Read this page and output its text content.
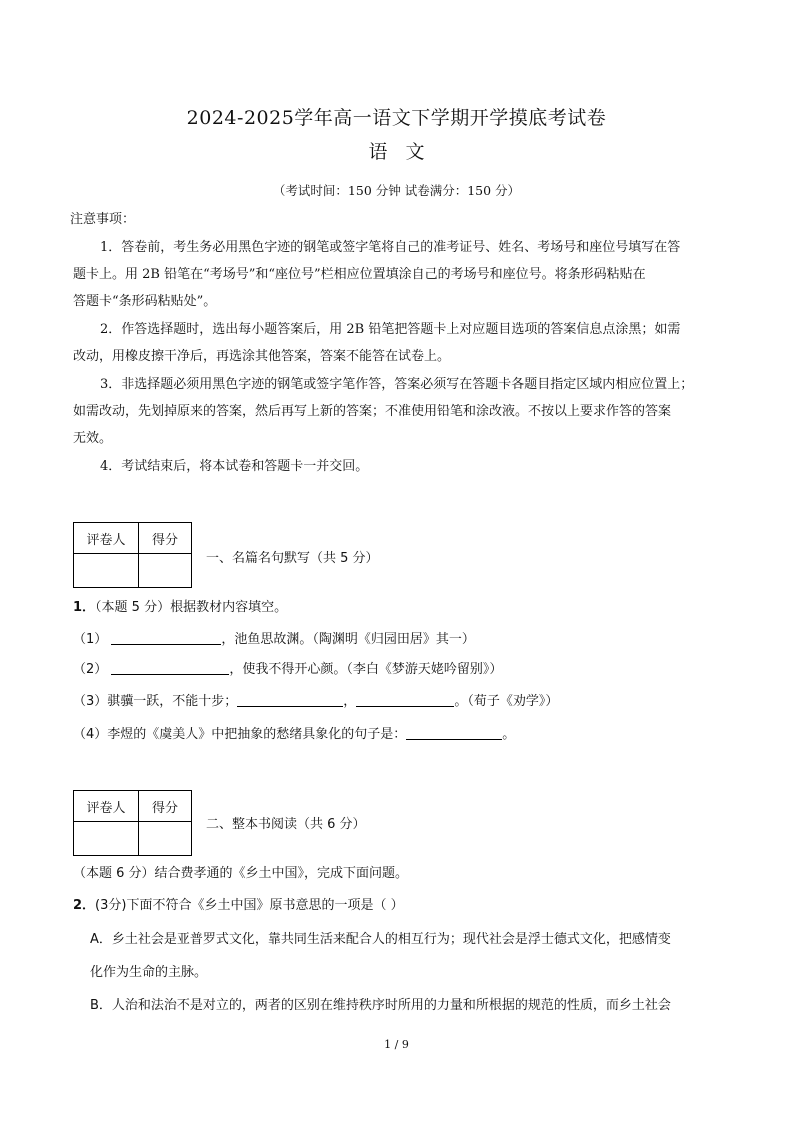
2024-2025学年高一语文下学期开学摸底考试卷
语文
（考试时间：150 分钟 试卷满分：150 分）
注意事项：
1．答卷前，考生务必用黑色字迹的钢笔或签字笔将自己的准考证号、姓名、考场号和座位号填写在答
题卡上。用 2B 铅笔在“考场号”和“座位号”栏相应位置填涂自己的考场号和座位号。将条形码粘贴在
答题卡“条形码粘贴处”。
2．作答选择题时，选出每小题答案后，用 2B 铅笔把答题卡上对应题目选项的答案信息点涂黑；如需
改动，用橡皮擦干净后，再选涂其他答案，答案不能答在试卷上。
3．非选择题必须用黑色字迹的钢笔或签字笔作答，答案必须写在答题卡各题目指定区域内相应位置上；
如需改动，先划掉原来的答案，然后再写上新的答案；不准使用铅笔和涂改液。不按以上要求作答的答案
无效。
4．考试结束后，将本试卷和答题卡一并交回。
评卷人	得分

一、名篇名句默写（共 5 分）
1．（本题 5 分）根据教材内容填空。
（1）	，池鱼思故渊。（陶渊明《归园田居》其一）
（2）	，使我不得开心颜。（李白《梦游天姥吟留别》）
（3）骐骥一跃，不能十步；	，	。（荀子《劝学》）
（4）李煜的《虞美人》中把抽象的愁绪具象化的句子是：	。
评卷人	得分

二、整本书阅读（共 6 分）
（本题 6 分）结合费孝通的《乡土中国》，完成下面问题。
2．(3分)下面不符合《乡土中国》原书意思的一项是（ ）
A．乡土社会是亚普罗式文化，靠共同生活来配合人的相互行为；现代社会是浮士德式文化，把感情变
化作为生命的主脉。
B．人治和法治不是对立的，两者的区别在维持秩序时所用的力量和所根据的规范的性质，而乡土社会
1 / 9
